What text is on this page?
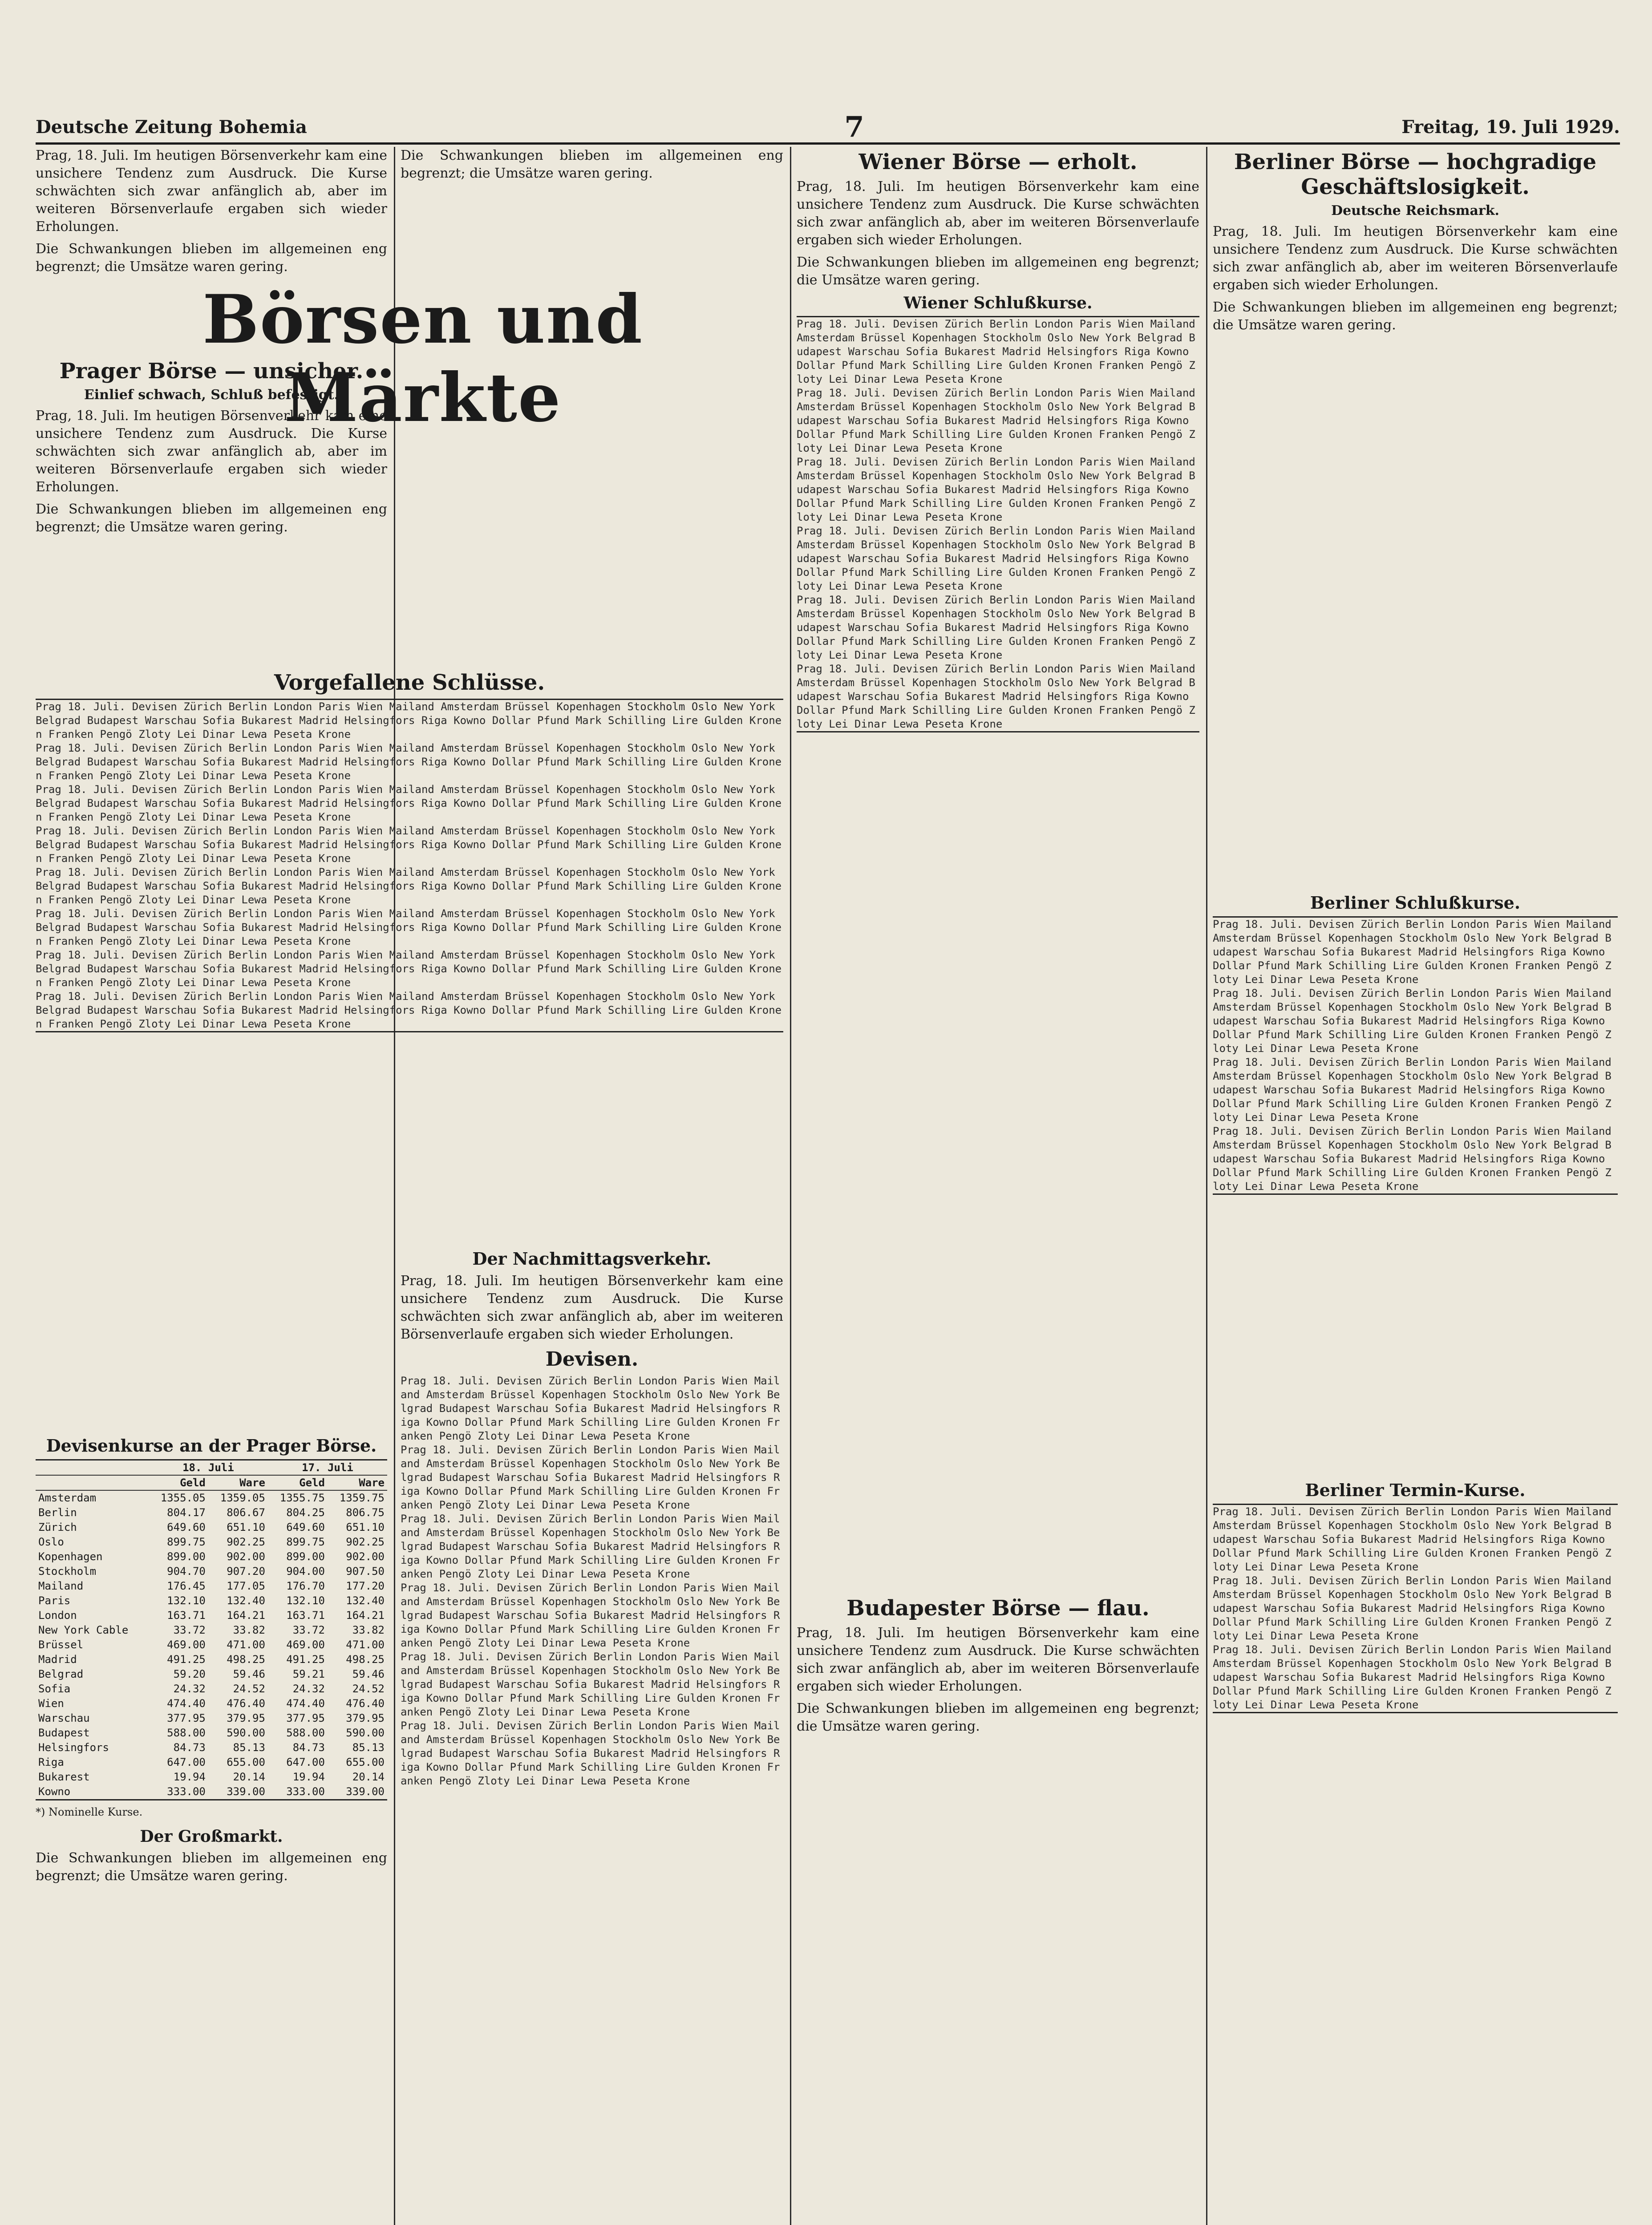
Deutsche Zeitung Bohemia	7	Freitag, 19. Juli 1929.

Prag, 18. Juli. Im heutigen Börsenverkehr kam eine unsichere Tendenz zum Ausdruck. Die Kurse schwächten sich zwar anfänglich ab, aber im weiteren Börsenverlaufe ergaben sich wieder Erholungen.

Die Schwankungen blieben im allgemeinen eng begrenzt; die Umsätze waren gering.

Börsen und Märkte
Prager Börse — unsicher.
Einlief schwach, Schluß befestigt.

Prag, 18. Juli. Im heutigen Börsenverkehr kam eine unsichere Tendenz zum Ausdruck. Die Kurse schwächten sich zwar anfänglich ab, aber im weiteren Börsenverlaufe ergaben sich wieder Erholungen.

Die Schwankungen blieben im allgemeinen eng begrenzt; die Umsätze waren gering.

Die Schwankungen blieben im allgemeinen eng begrenzt; die Umsätze waren gering.

Vorgefallene Schlüsse.
Prag 18. Juli. Devisen Zürich Berlin London Paris Wien Mailand Amsterdam Brüssel Kopenhagen Stockholm Oslo New York Belgrad Budapest Warschau Sofia Bukarest Madrid Helsingfors Riga Kowno Dollar Pfund Mark Schilling Lire Gulden Kronen Franken Pengö Zloty Lei Dinar Lewa Peseta Krone
Prag 18. Juli. Devisen Zürich Berlin London Paris Wien Mailand Amsterdam Brüssel Kopenhagen Stockholm Oslo New York Belgrad Budapest Warschau Sofia Bukarest Madrid Helsingfors Riga Kowno Dollar Pfund Mark Schilling Lire Gulden Kronen Franken Pengö Zloty Lei Dinar Lewa Peseta Krone
Prag 18. Juli. Devisen Zürich Berlin London Paris Wien Mailand Amsterdam Brüssel Kopenhagen Stockholm Oslo New York Belgrad Budapest Warschau Sofia Bukarest Madrid Helsingfors Riga Kowno Dollar Pfund Mark Schilling Lire Gulden Kronen Franken Pengö Zloty Lei Dinar Lewa Peseta Krone
Prag 18. Juli. Devisen Zürich Berlin London Paris Wien Mailand Amsterdam Brüssel Kopenhagen Stockholm Oslo New York Belgrad Budapest Warschau Sofia Bukarest Madrid Helsingfors Riga Kowno Dollar Pfund Mark Schilling Lire Gulden Kronen Franken Pengö Zloty Lei Dinar Lewa Peseta Krone
Prag 18. Juli. Devisen Zürich Berlin London Paris Wien Mailand Amsterdam Brüssel Kopenhagen Stockholm Oslo New York Belgrad Budapest Warschau Sofia Bukarest Madrid Helsingfors Riga Kowno Dollar Pfund Mark Schilling Lire Gulden Kronen Franken Pengö Zloty Lei Dinar Lewa Peseta Krone
Prag 18. Juli. Devisen Zürich Berlin London Paris Wien Mailand Amsterdam Brüssel Kopenhagen Stockholm Oslo New York Belgrad Budapest Warschau Sofia Bukarest Madrid Helsingfors Riga Kowno Dollar Pfund Mark Schilling Lire Gulden Kronen Franken Pengö Zloty Lei Dinar Lewa Peseta Krone
Prag 18. Juli. Devisen Zürich Berlin London Paris Wien Mailand Amsterdam Brüssel Kopenhagen Stockholm Oslo New York Belgrad Budapest Warschau Sofia Bukarest Madrid Helsingfors Riga Kowno Dollar Pfund Mark Schilling Lire Gulden Kronen Franken Pengö Zloty Lei Dinar Lewa Peseta Krone
Prag 18. Juli. Devisen Zürich Berlin London Paris Wien Mailand Amsterdam Brüssel Kopenhagen Stockholm Oslo New York Belgrad Budapest Warschau Sofia Bukarest Madrid Helsingfors Riga Kowno Dollar Pfund Mark Schilling Lire Gulden Kronen Franken Pengö Zloty Lei Dinar Lewa Peseta Krone
Devisenkurse an der Prager Börse.
	18. Juli		17. Juli	
	Geld	Ware	Geld	Ware
Amsterdam	1355.05	1359.05	1355.75	1359.75
Berlin	804.17	806.67	804.25	806.75
Zürich	649.60	651.10	649.60	651.10
Oslo	899.75	902.25	899.75	902.25
Kopenhagen	899.00	902.00	899.00	902.00
Stockholm	904.70	907.20	904.00	907.50
Mailand	176.45	177.05	176.70	177.20
Paris	132.10	132.40	132.10	132.40
London	163.71	164.21	163.71	164.21
New York Cable	33.72	33.82	33.72	33.82
Brüssel	469.00	471.00	469.00	471.00
Madrid	491.25	498.25	491.25	498.25
Belgrad	59.20	59.46	59.21	59.46
Sofia	24.32	24.52	24.32	24.52
Wien	474.40	476.40	474.40	476.40
Warschau	377.95	379.95	377.95	379.95
Budapest	588.00	590.00	588.00	590.00
Helsingfors	84.73	85.13	84.73	85.13
Riga	647.00	655.00	647.00	655.00
Bukarest	19.94	20.14	19.94	20.14
Kowno	333.00	339.00	333.00	339.00
*) Nominelle Kurse.
Der Großmarkt.

Die Schwankungen blieben im allgemeinen eng begrenzt; die Umsätze waren gering.

Der Nachmittagsverkehr.

Prag, 18. Juli. Im heutigen Börsenverkehr kam eine unsichere Tendenz zum Ausdruck. Die Kurse schwächten sich zwar anfänglich ab, aber im weiteren Börsenverlaufe ergaben sich wieder Erholungen.

Devisen.
Prag 18. Juli. Devisen Zürich Berlin London Paris Wien Mailand Amsterdam Brüssel Kopenhagen Stockholm Oslo New York Belgrad Budapest Warschau Sofia Bukarest Madrid Helsingfors Riga Kowno Dollar Pfund Mark Schilling Lire Gulden Kronen Franken Pengö Zloty Lei Dinar Lewa Peseta Krone
Prag 18. Juli. Devisen Zürich Berlin London Paris Wien Mailand Amsterdam Brüssel Kopenhagen Stockholm Oslo New York Belgrad Budapest Warschau Sofia Bukarest Madrid Helsingfors Riga Kowno Dollar Pfund Mark Schilling Lire Gulden Kronen Franken Pengö Zloty Lei Dinar Lewa Peseta Krone
Prag 18. Juli. Devisen Zürich Berlin London Paris Wien Mailand Amsterdam Brüssel Kopenhagen Stockholm Oslo New York Belgrad Budapest Warschau Sofia Bukarest Madrid Helsingfors Riga Kowno Dollar Pfund Mark Schilling Lire Gulden Kronen Franken Pengö Zloty Lei Dinar Lewa Peseta Krone
Prag 18. Juli. Devisen Zürich Berlin London Paris Wien Mailand Amsterdam Brüssel Kopenhagen Stockholm Oslo New York Belgrad Budapest Warschau Sofia Bukarest Madrid Helsingfors Riga Kowno Dollar Pfund Mark Schilling Lire Gulden Kronen Franken Pengö Zloty Lei Dinar Lewa Peseta Krone
Prag 18. Juli. Devisen Zürich Berlin London Paris Wien Mailand Amsterdam Brüssel Kopenhagen Stockholm Oslo New York Belgrad Budapest Warschau Sofia Bukarest Madrid Helsingfors Riga Kowno Dollar Pfund Mark Schilling Lire Gulden Kronen Franken Pengö Zloty Lei Dinar Lewa Peseta Krone
Prag 18. Juli. Devisen Zürich Berlin London Paris Wien Mailand Amsterdam Brüssel Kopenhagen Stockholm Oslo New York Belgrad Budapest Warschau Sofia Bukarest Madrid Helsingfors Riga Kowno Dollar Pfund Mark Schilling Lire Gulden Kronen Franken Pengö Zloty Lei Dinar Lewa Peseta Krone
Wiener Börse — erholt.

Prag, 18. Juli. Im heutigen Börsenverkehr kam eine unsichere Tendenz zum Ausdruck. Die Kurse schwächten sich zwar anfänglich ab, aber im weiteren Börsenverlaufe ergaben sich wieder Erholungen.

Die Schwankungen blieben im allgemeinen eng begrenzt; die Umsätze waren gering.

Wiener Schlußkurse.
Prag 18. Juli. Devisen Zürich Berlin London Paris Wien Mailand Amsterdam Brüssel Kopenhagen Stockholm Oslo New York Belgrad Budapest Warschau Sofia Bukarest Madrid Helsingfors Riga Kowno Dollar Pfund Mark Schilling Lire Gulden Kronen Franken Pengö Zloty Lei Dinar Lewa Peseta Krone
Prag 18. Juli. Devisen Zürich Berlin London Paris Wien Mailand Amsterdam Brüssel Kopenhagen Stockholm Oslo New York Belgrad Budapest Warschau Sofia Bukarest Madrid Helsingfors Riga Kowno Dollar Pfund Mark Schilling Lire Gulden Kronen Franken Pengö Zloty Lei Dinar Lewa Peseta Krone
Prag 18. Juli. Devisen Zürich Berlin London Paris Wien Mailand Amsterdam Brüssel Kopenhagen Stockholm Oslo New York Belgrad Budapest Warschau Sofia Bukarest Madrid Helsingfors Riga Kowno Dollar Pfund Mark Schilling Lire Gulden Kronen Franken Pengö Zloty Lei Dinar Lewa Peseta Krone
Prag 18. Juli. Devisen Zürich Berlin London Paris Wien Mailand Amsterdam Brüssel Kopenhagen Stockholm Oslo New York Belgrad Budapest Warschau Sofia Bukarest Madrid Helsingfors Riga Kowno Dollar Pfund Mark Schilling Lire Gulden Kronen Franken Pengö Zloty Lei Dinar Lewa Peseta Krone
Prag 18. Juli. Devisen Zürich Berlin London Paris Wien Mailand Amsterdam Brüssel Kopenhagen Stockholm Oslo New York Belgrad Budapest Warschau Sofia Bukarest Madrid Helsingfors Riga Kowno Dollar Pfund Mark Schilling Lire Gulden Kronen Franken Pengö Zloty Lei Dinar Lewa Peseta Krone
Prag 18. Juli. Devisen Zürich Berlin London Paris Wien Mailand Amsterdam Brüssel Kopenhagen Stockholm Oslo New York Belgrad Budapest Warschau Sofia Bukarest Madrid Helsingfors Riga Kowno Dollar Pfund Mark Schilling Lire Gulden Kronen Franken Pengö Zloty Lei Dinar Lewa Peseta Krone
Budapester Börse — flau.

Prag, 18. Juli. Im heutigen Börsenverkehr kam eine unsichere Tendenz zum Ausdruck. Die Kurse schwächten sich zwar anfänglich ab, aber im weiteren Börsenverlaufe ergaben sich wieder Erholungen.

Die Schwankungen blieben im allgemeinen eng begrenzt; die Umsätze waren gering.

Berliner Börse — hochgradige Geschäftslosigkeit.
Deutsche Reichsmark.

Prag, 18. Juli. Im heutigen Börsenverkehr kam eine unsichere Tendenz zum Ausdruck. Die Kurse schwächten sich zwar anfänglich ab, aber im weiteren Börsenverlaufe ergaben sich wieder Erholungen.

Die Schwankungen blieben im allgemeinen eng begrenzt; die Umsätze waren gering.

Berliner Schlußkurse.
Prag 18. Juli. Devisen Zürich Berlin London Paris Wien Mailand Amsterdam Brüssel Kopenhagen Stockholm Oslo New York Belgrad Budapest Warschau Sofia Bukarest Madrid Helsingfors Riga Kowno Dollar Pfund Mark Schilling Lire Gulden Kronen Franken Pengö Zloty Lei Dinar Lewa Peseta Krone
Prag 18. Juli. Devisen Zürich Berlin London Paris Wien Mailand Amsterdam Brüssel Kopenhagen Stockholm Oslo New York Belgrad Budapest Warschau Sofia Bukarest Madrid Helsingfors Riga Kowno Dollar Pfund Mark Schilling Lire Gulden Kronen Franken Pengö Zloty Lei Dinar Lewa Peseta Krone
Prag 18. Juli. Devisen Zürich Berlin London Paris Wien Mailand Amsterdam Brüssel Kopenhagen Stockholm Oslo New York Belgrad Budapest Warschau Sofia Bukarest Madrid Helsingfors Riga Kowno Dollar Pfund Mark Schilling Lire Gulden Kronen Franken Pengö Zloty Lei Dinar Lewa Peseta Krone
Prag 18. Juli. Devisen Zürich Berlin London Paris Wien Mailand Amsterdam Brüssel Kopenhagen Stockholm Oslo New York Belgrad Budapest Warschau Sofia Bukarest Madrid Helsingfors Riga Kowno Dollar Pfund Mark Schilling Lire Gulden Kronen Franken Pengö Zloty Lei Dinar Lewa Peseta Krone
Berliner Termin-Kurse.
Prag 18. Juli. Devisen Zürich Berlin London Paris Wien Mailand Amsterdam Brüssel Kopenhagen Stockholm Oslo New York Belgrad Budapest Warschau Sofia Bukarest Madrid Helsingfors Riga Kowno Dollar Pfund Mark Schilling Lire Gulden Kronen Franken Pengö Zloty Lei Dinar Lewa Peseta Krone
Prag 18. Juli. Devisen Zürich Berlin London Paris Wien Mailand Amsterdam Brüssel Kopenhagen Stockholm Oslo New York Belgrad Budapest Warschau Sofia Bukarest Madrid Helsingfors Riga Kowno Dollar Pfund Mark Schilling Lire Gulden Kronen Franken Pengö Zloty Lei Dinar Lewa Peseta Krone
Prag 18. Juli. Devisen Zürich Berlin London Paris Wien Mailand Amsterdam Brüssel Kopenhagen Stockholm Oslo New York Belgrad Budapest Warschau Sofia Bukarest Madrid Helsingfors Riga Kowno Dollar Pfund Mark Schilling Lire Gulden Kronen Franken Pengö Zloty Lei Dinar Lewa Peseta Krone
